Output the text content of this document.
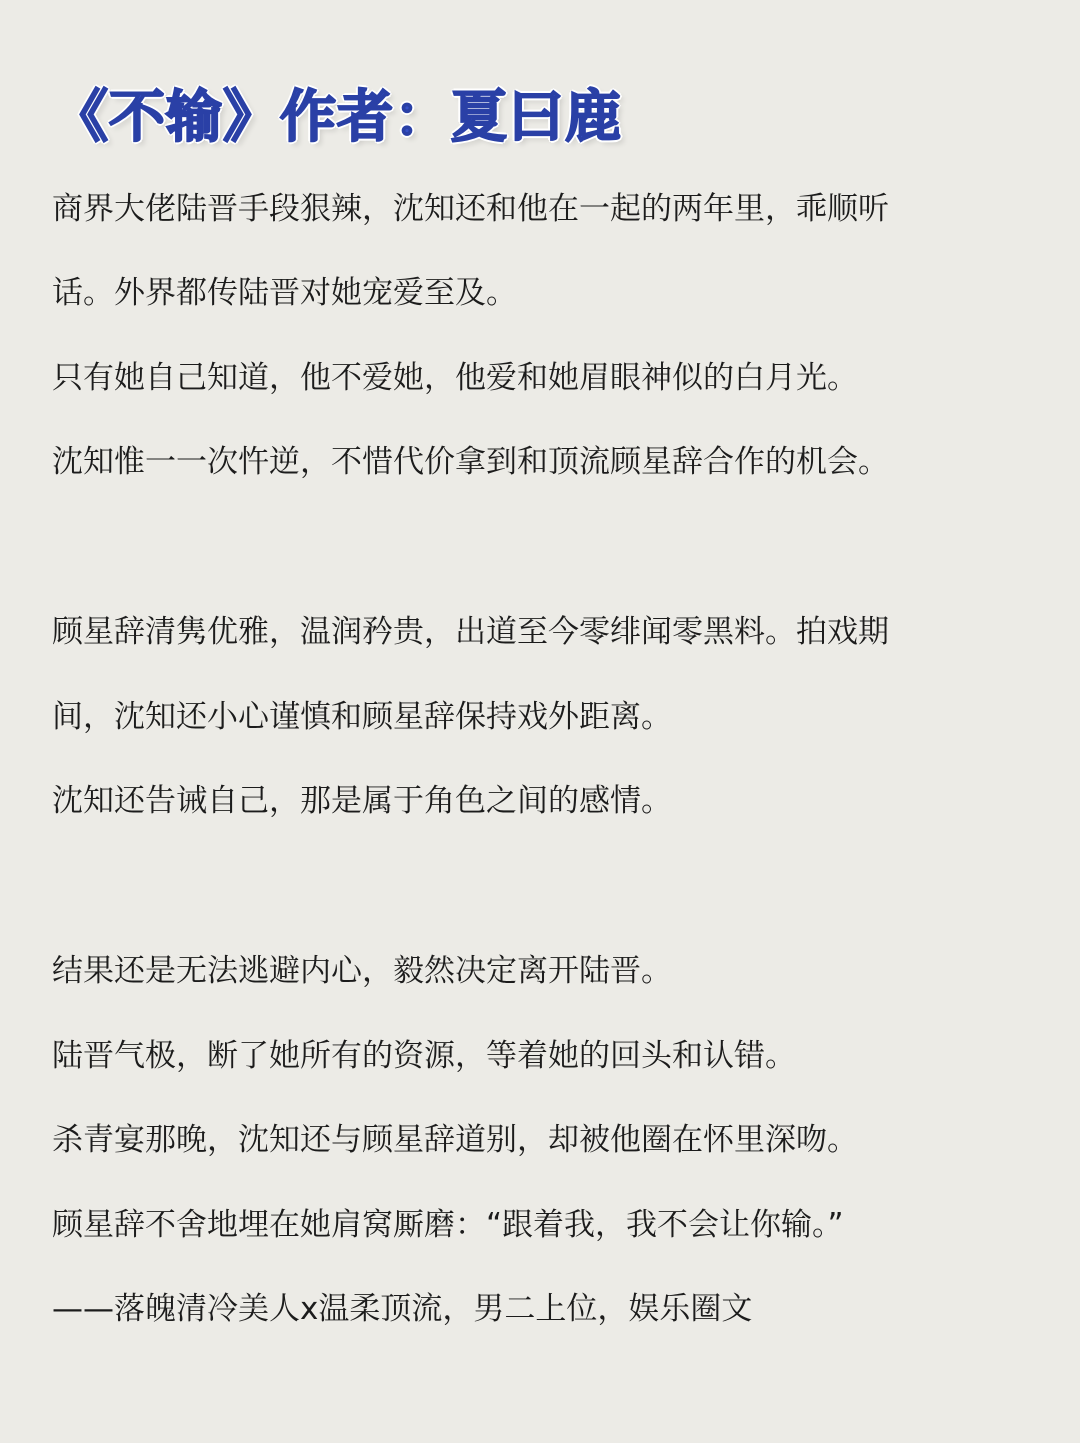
《不输》作者：夏曰鹿
商界大佬陆晋手段狠辣，沈知还和他在一起的两年里，乖顺听
话。外界都传陆晋对她宠爱至及。
只有她自己知道，他不爱她，他爱和她眉眼神似的白月光。
沈知惟一一次忤逆，不惜代价拿到和顶流顾星辞合作的机会。
顾星辞清隽优雅，温润矜贵，出道至今零绯闻零黑料。拍戏期
间，沈知还小心谨慎和顾星辞保持戏外距离。
沈知还告诫自己，那是属于角色之间的感情。
结果还是无法逃避内心，毅然决定离开陆晋。
陆晋气极，断了她所有的资源，等着她的回头和认错。
杀青宴那晚，沈知还与顾星辞道别，却被他圈在怀里深吻。
顾星辞不舍地埋在她肩窝厮磨：“跟着我，我不会让你输。”
——落魄清冷美人x温柔顶流，男二上位，娱乐圈文
